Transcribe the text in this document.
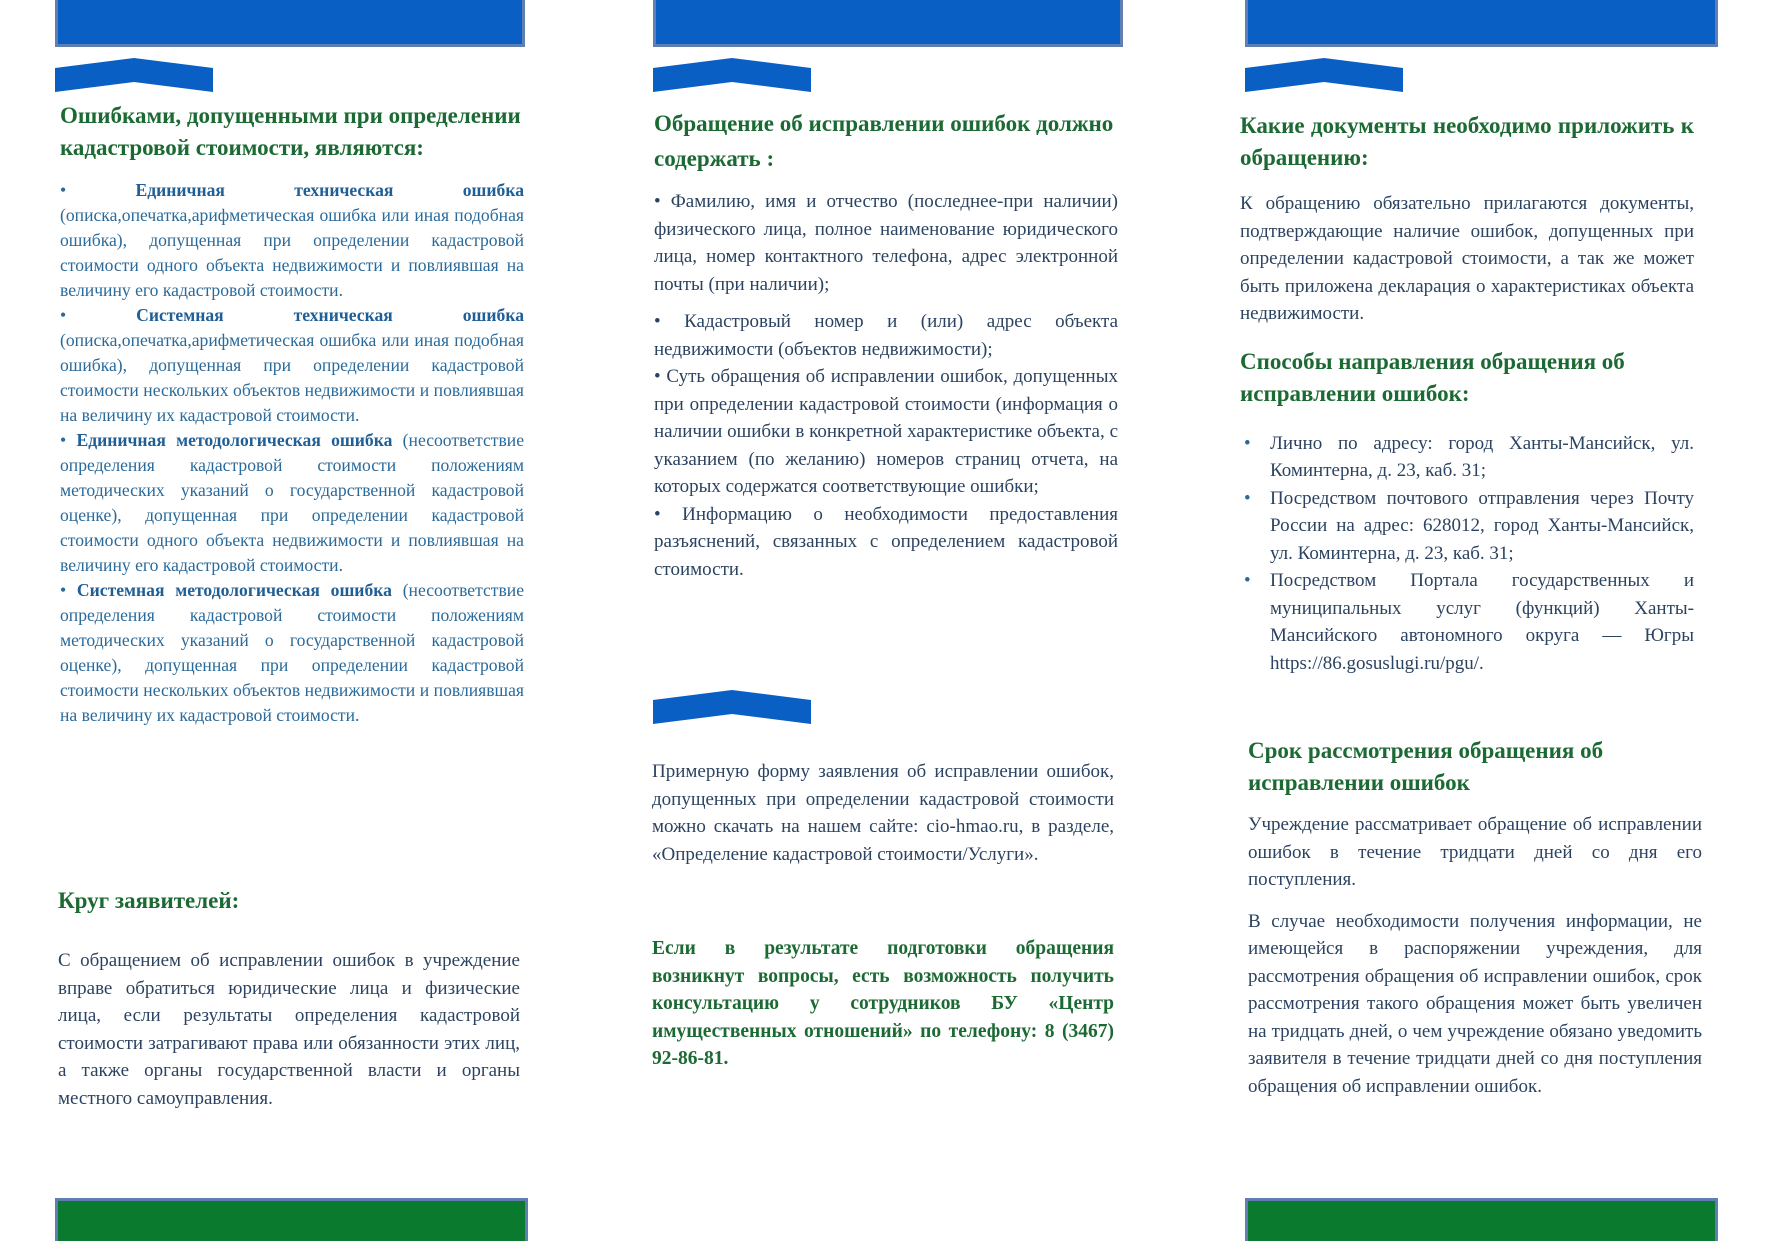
Ошибками, допущенными при определении кадастровой стоимости, являются:
• Единичная техническая ошибка (описка,опечатка,арифметическая ошибка или иная подобная ошибка), допущенная при определении кадастровой стоимости одного объекта недвижимости и повлиявшая на величину его кадастровой стоимости.
• Системная техническая ошибка (описка,опечатка,арифметическая ошибка или иная подобная ошибка), допущенная при определении кадастровой стоимости нескольких объектов недвижимости и повлиявшая на величину их кадастровой стоимости.
• Единичная методологическая ошибка (несоответствие определения кадастровой стоимости положениям методических указаний о государственной кадастровой оценке), допущенная при определении кадастровой стоимости одного объекта недвижимости и повлиявшая на величину его кадастровой стоимости.
• Системная методологическая ошибка (несоответствие определения кадастровой стоимости положениям методических указаний о государственной кадастровой оценке), допущенная при определении кадастровой стоимости нескольких объектов недвижимости и повлиявшая на величину их кадастровой стоимости.
Круг заявителей:

С обращением об исправлении ошибок в учреждение вправе обратиться юридические лица и физические лица, если результаты определения кадастровой стоимости затрагивают права или обязанности этих лиц, а также органы государственной власти и органы местного самоуправления.

Обращение об исправлении ошибок должно содержать :

• Фамилию, имя и отчество (последнее-при наличии) физического лица, полное наименование юридического лица, номер контактного телефона, адрес электронной почты (при наличии);

• Кадастровый номер и (или) адрес объекта недвижимости (объектов недвижимости);

• Суть обращения об исправлении ошибок, допущенных при определении кадастровой стоимости (информация о наличии ошибки в конкретной характеристике объекта, с указанием (по желанию) номеров страниц отчета, на которых содержатся соответствующие ошибки;

• Информацию о необходимости предоставления разъяснений, связанных с определением кадастровой стоимости.

Примерную форму заявления об исправлении ошибок, допущенных при определении кадастровой стоимости можно скачать на нашем сайте: cio-hmao.ru, в разделе, «Определение кадастровой стоимости/Услуги».

Если в результате подготовки обращения возникнут вопросы, есть возможность получить консультацию у сотрудников БУ «Центр имущественных отношений» по телефону: 8 (3467) 92-86-81.

Какие документы необходимо приложить к обращению:

К обращению обязательно прилагаются документы, подтверждающие наличие ошибок, допущенных при определении кадастровой стоимости, а так же может быть приложена декларация о характеристиках объекта недвижимости.

Способы направления обращения об исправлении ошибок:
• Лично по адресу: город Ханты-Мансийск, ул. Коминтерна, д. 23, каб. 31;
• Посредством почтового отправления через Почту России на адрес: 628012, город Ханты-Мансийск, ул. Коминтерна, д. 23, каб. 31;
• Посредством Портала государственных и муниципальных услуг (функций) Ханты-Мансийского автономного округа — Югры https://86.gosuslugi.ru/pgu/.
Срок рассмотрения обращения об исправлении ошибок

Учреждение рассматривает обращение об исправлении ошибок в течение тридцати дней со дня его поступления.

В случае необходимости получения информации, не имеющейся в распоряжении учреждения, для рассмотрения обращения об исправлении ошибок, срок рассмотрения такого обращения может быть увеличен на тридцать дней, о чем учреждение обязано уведомить заявителя в течение тридцати дней со дня поступления обращения об исправлении ошибок.
